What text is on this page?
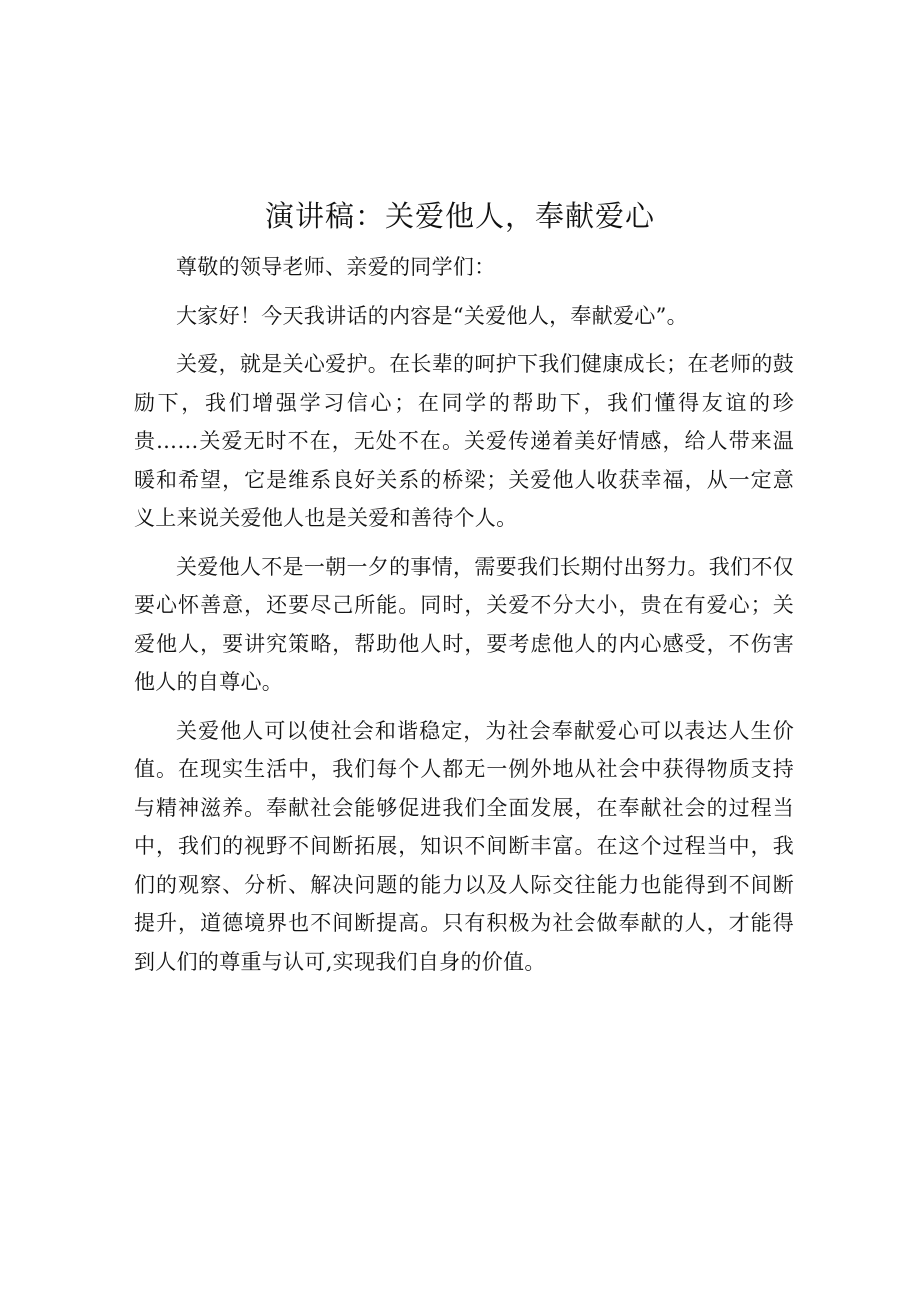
演讲稿：关爱他人，奉献爱心

尊敬的领导老师、亲爱的同学们：

大家好！今天我讲话的内容是“关爱他人，奉献爱心”。

关爱，就是关心爱护。在长辈的呵护下我们健康成长；在老师的鼓励下，我们增强学习信心；在同学的帮助下，我们懂得友谊的珍贵……关爱无时不在，无处不在。关爱传递着美好情感，给人带来温暖和希望，它是维系良好关系的桥梁；关爱他人收获幸福，从一定意义上来说关爱他人也是关爱和善待个人。

关爱他人不是一朝一夕的事情，需要我们长期付出努力。我们不仅要心怀善意，还要尽己所能。同时，关爱不分大小，贵在有爱心；关爱他人，要讲究策略，帮助他人时，要考虑他人的内心感受，不伤害他人的自尊心。

关爱他人可以使社会和谐稳定，为社会奉献爱心可以表达人生价值。在现实生活中，我们每个人都无一例外地从社会中获得物质支持与精神滋养。奉献社会能够促进我们全面发展，在奉献社会的过程当中，我们的视野不间断拓展，知识不间断丰富。在这个过程当中，我们的观察、分析、解决问题的能力以及人际交往能力也能得到不间断提升，道德境界也不间断提高。只有积极为社会做奉献的人，才能得到人们的尊重与认可,实现我们自身的价值。
